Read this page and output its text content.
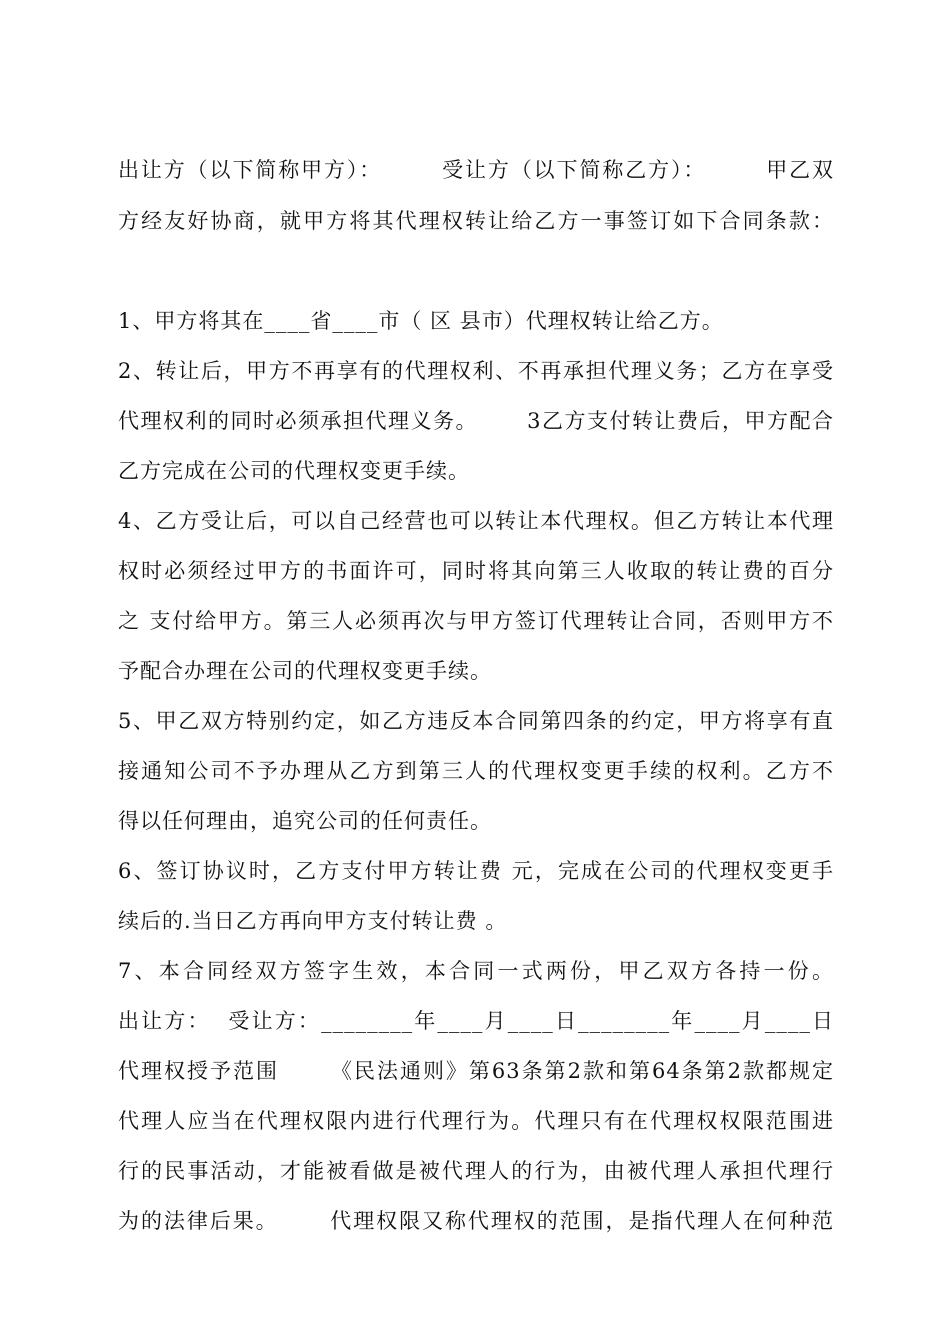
出让方（以下简称甲方）：       受让方（以下简称乙方）：       甲乙双
方经友好协商，就甲方将其代理权转让给乙方一事签订如下合同条款：
1、甲方将其在____省____市（ 区 县市）代理权转让给乙方。
2、转让后，甲方不再享有的代理权利、不再承担代理义务；乙方在享受
代理权利的同时必须承担代理义务。      3乙方支付转让费后，甲方配合
乙方完成在公司的代理权变更手续。
4、乙方受让后，可以自己经营也可以转让本代理权。但乙方转让本代理
权时必须经过甲方的书面许可，同时将其向第三人收取的转让费的百分
之 支付给甲方。第三人必须再次与甲方签订代理转让合同，否则甲方不
予配合办理在公司的代理权变更手续。
5、甲乙双方特别约定，如乙方违反本合同第四条的约定，甲方将享有直
接通知公司不予办理从乙方到第三人的代理权变更手续的权利。乙方不
得以任何理由，追究公司的任何责任。
6、签订协议时，乙方支付甲方转让费 元，完成在公司的代理权变更手
续后的.当日乙方再向甲方支付转让费 。
7、本合同经双方签字生效，本合同一式两份，甲乙双方各持一份。
出让方：  受让方：________年____月____日________年____月____日
代理权授予范围      《民法通则》第63条第2款和第64条第2款都规定
代理人应当在代理权限内进行代理行为。代理只有在代理权权限范围进
行的民事活动，才能被看做是被代理人的行为，由被代理人承担代理行
为的法律后果。      代理权限又称代理权的范围，是指代理人在何种范
